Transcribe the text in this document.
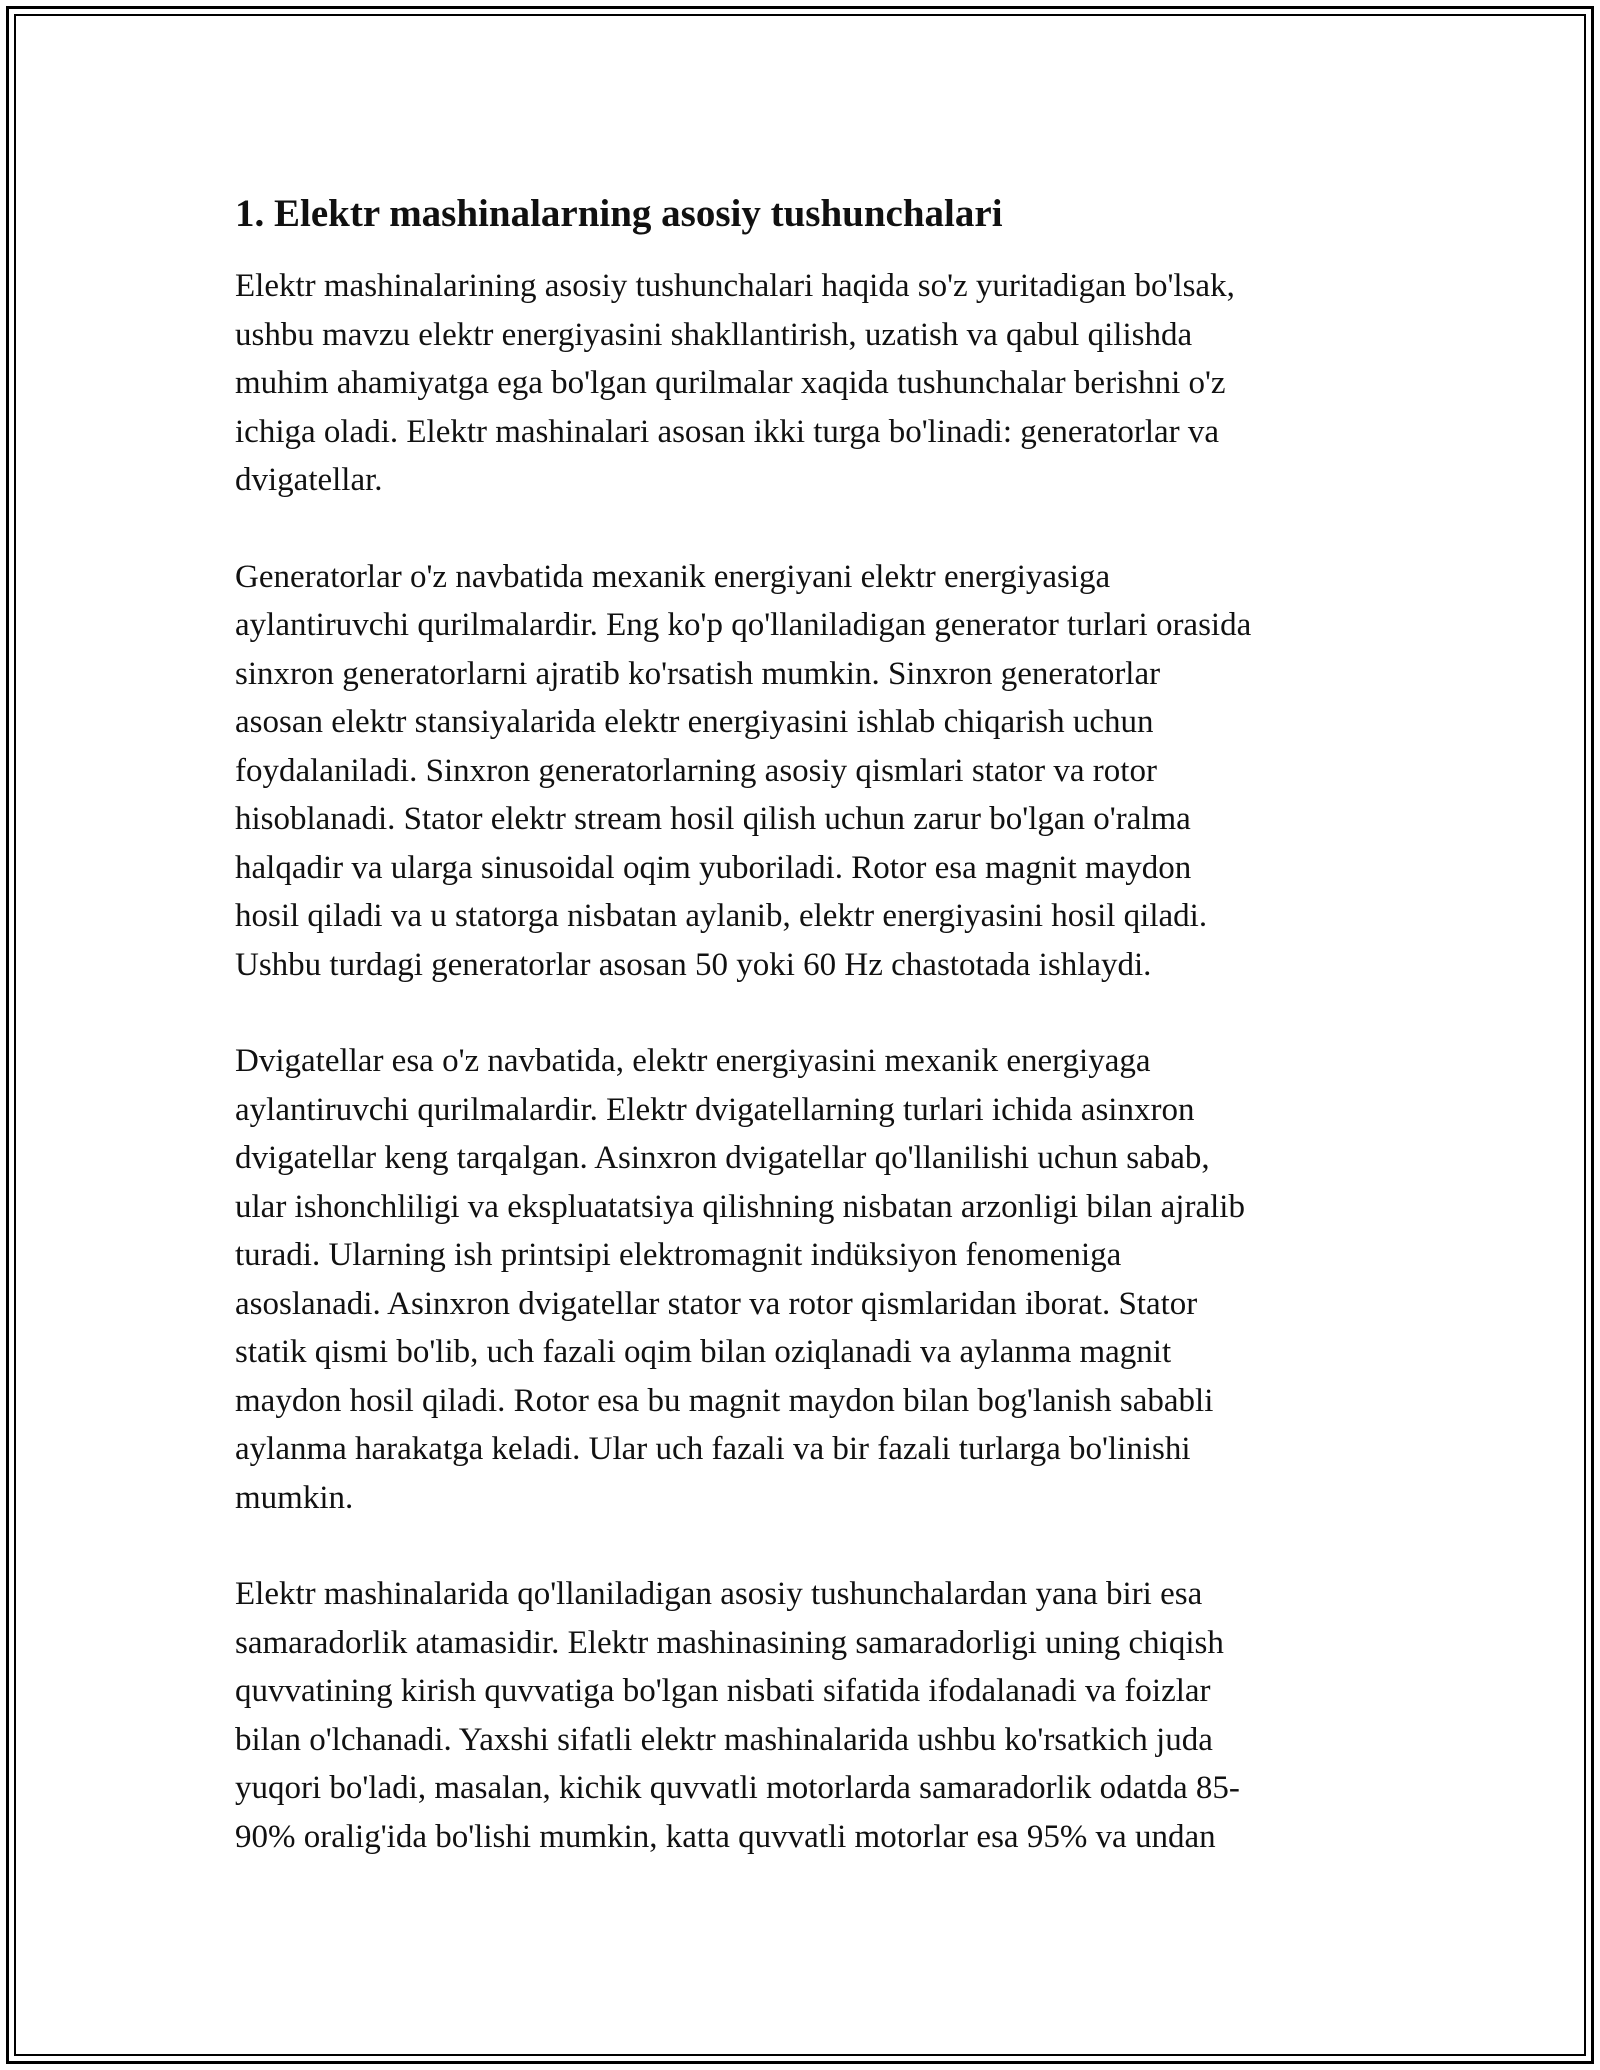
1. Elektr mashinalarning asosiy tushunchalari

Elektr mashinalarining asosiy tushunchalari haqida so'z yuritadigan bo'lsak,
ushbu mavzu elektr energiyasini shakllantirish, uzatish va qabul qilishda
muhim ahamiyatga ega bo'lgan qurilmalar xaqida tushunchalar berishni o'z
ichiga oladi. Elektr mashinalari asosan ikki turga bo'linadi: generatorlar va
dvigatellar.

Generatorlar o'z navbatida mexanik energiyani elektr energiyasiga
aylantiruvchi qurilmalardir. Eng ko'p qo'llaniladigan generator turlari orasida
sinxron generatorlarni ajratib ko'rsatish mumkin. Sinxron generatorlar
asosan elektr stansiyalarida elektr energiyasini ishlab chiqarish uchun
foydalaniladi. Sinxron generatorlarning asosiy qismlari stator va rotor
hisoblanadi. Stator elektr stream hosil qilish uchun zarur bo'lgan o'ralma
halqadir va ularga sinusoidal oqim yuboriladi. Rotor esa magnit maydon
hosil qiladi va u statorga nisbatan aylanib, elektr energiyasini hosil qiladi.
Ushbu turdagi generatorlar asosan 50 yoki 60 Hz chastotada ishlaydi.

Dvigatellar esa o'z navbatida, elektr energiyasini mexanik energiyaga
aylantiruvchi qurilmalardir. Elektr dvigatellarning turlari ichida asinxron
dvigatellar keng tarqalgan. Asinxron dvigatellar qo'llanilishi uchun sabab,
ular ishonchliligi va ekspluatatsiya qilishning nisbatan arzonligi bilan ajralib
turadi. Ularning ish printsipi elektromagnit indüksiyon fenomeniga
asoslanadi. Asinxron dvigatellar stator va rotor qismlaridan iborat. Stator
statik qismi bo'lib, uch fazali oqim bilan oziqlanadi va aylanma magnit
maydon hosil qiladi. Rotor esa bu magnit maydon bilan bog'lanish sababli
aylanma harakatga keladi. Ular uch fazali va bir fazali turlarga bo'linishi
mumkin.

Elektr mashinalarida qo'llaniladigan asosiy tushunchalardan yana biri esa
samaradorlik atamasidir. Elektr mashinasining samaradorligi uning chiqish
quvvatining kirish quvvatiga bo'lgan nisbati sifatida ifodalanadi va foizlar
bilan o'lchanadi. Yaxshi sifatli elektr mashinalarida ushbu ko'rsatkich juda
yuqori bo'ladi, masalan, kichik quvvatli motorlarda samaradorlik odatda 85-
90% oralig'ida bo'lishi mumkin, katta quvvatli motorlar esa 95% va undan
